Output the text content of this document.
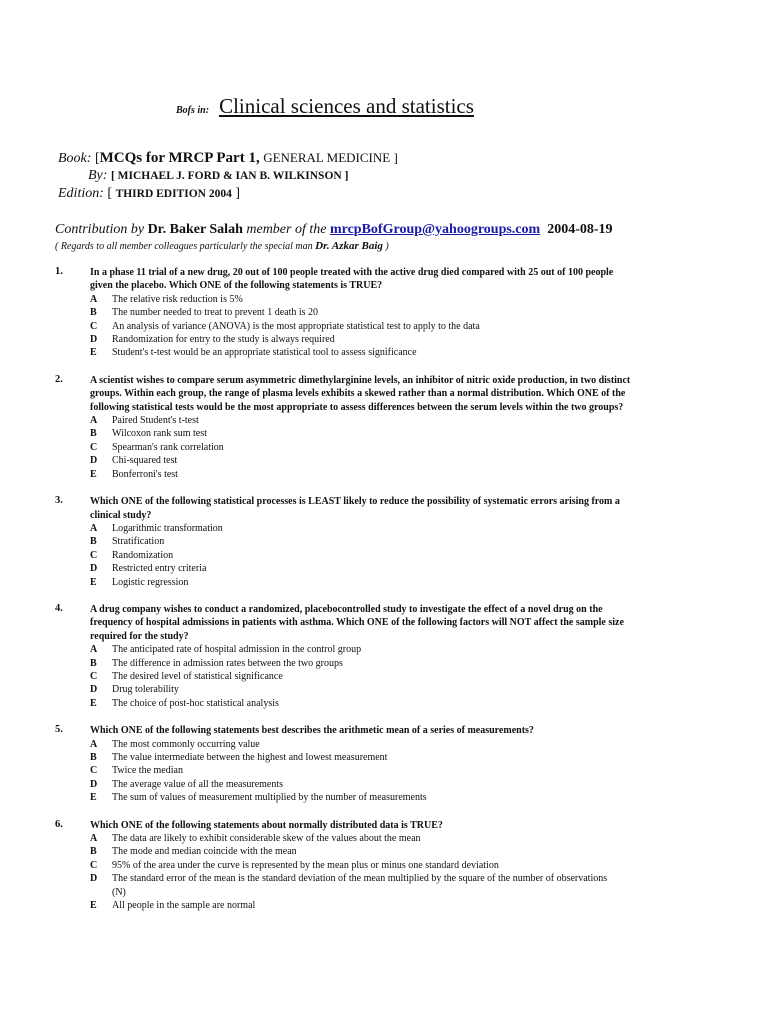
Bofs in: Clinical sciences and statistics
Book: [MCQs for MRCP Part 1, GENERAL MEDICINE ]
By: [ MICHAEL J. FORD & IAN B. WILKINSON ]
Edition: [ THIRD EDITION 2004 ]
Contribution by Dr. Baker Salah member of the mrcpBofGroup@yahoogroups.com 2004-08-19
( Regards to all member colleagues particularly the special man Dr. Azkar Baig )
1.	In a phase 11 trial of a new drug, 20 out of 100 people treated with the active drug died compared with 25 out of 100 people given the placebo. Which ONE of the following statements is TRUE?
A	The relative risk reduction is 5%
B	The number needed to treat to prevent 1 death is 20
C	An analysis of variance (ANOVA) is the most appropriate statistical test to apply to the data
D	Randomization for entry to the study is always required
E	Student's t-test would be an appropriate statistical tool to assess significance
2.	A scientist wishes to compare serum asymmetric dimethylarginine levels, an inhibitor of nitric oxide production, in two distinct groups. Within each group, the range of plasma levels exhibits a skewed rather than a normal distribution. Which ONE of the following statistical tests would be the most appropriate to assess differences between the serum levels within the two groups?
A	Paired Student's t-test
B	Wilcoxon rank sum test
C	Spearman's rank correlation
D	Chi-squared test
E	Bonferroni's test
3.	Which ONE of the following statistical processes is LEAST likely to reduce the possibility of systematic errors arising from a clinical study?
A	Logarithmic transformation
B	Stratification
C	Randomization
D	Restricted entry criteria
E	Logistic regression
4.	A drug company wishes to conduct a randomized, placebocontrolled study to investigate the effect of a novel drug on the frequency of hospital admissions in patients with asthma. Which ONE of the following factors will NOT affect the sample size required for the study?
A	The anticipated rate of hospital admission in the control group
B	The difference in admission rates between the two groups
C	The desired level of statistical significance
D	Drug tolerability
E	The choice of post-hoc statistical analysis
5.	Which ONE of the following statements best describes the arithmetic mean of a series of measurements?
A	The most commonly occurring value
B	The value intermediate between the highest and lowest measurement
C	Twice the median
D	The average value of all the measurements
E	The sum of values of measurement multiplied by the number of measurements
6.	Which ONE of the following statements about normally distributed data is TRUE?
A	The data are likely to exhibit considerable skew of the values about the mean
B	The mode and median coincide with the mean
C	95% of the area under the curve is represented by the mean plus or minus one standard deviation
D	The standard error of the mean is the standard deviation of the mean multiplied by the square of the number of observations (N)
E	All people in the sample are normal
